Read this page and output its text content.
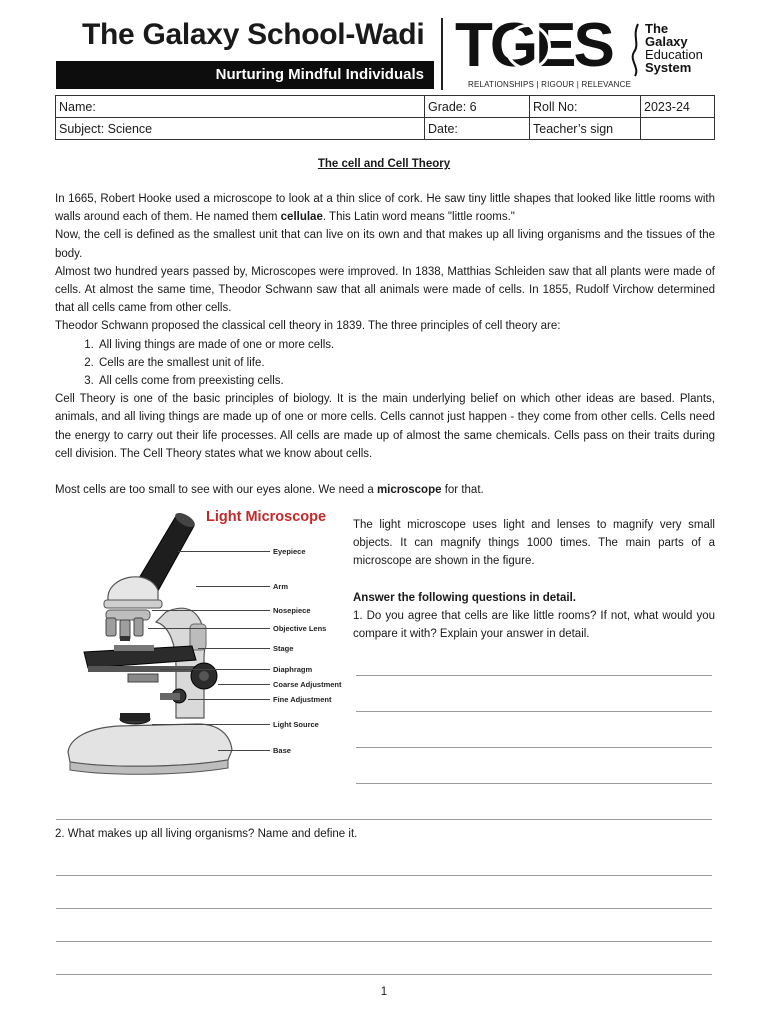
The Galaxy School-Wadi
Nurturing Mindful Individuals TGES
RELATIONSHIPS | RIGOUR | RELEVANCE
The
Galaxy
Education
System
Name:	Grade: 6	Roll No:	2023-24
Subject: Science	Date:	Teacher’s sign	
The cell and Cell Theory

In 1665, Robert Hooke used a microscope to look at a thin slice of cork. He saw tiny little shapes that looked like little rooms with walls around each of them. He named them cellulae. This Latin word means "little rooms."

Now, the cell is defined as the smallest unit that can live on its own and that makes up all living organisms and the tissues of the body.

Almost two hundred years passed by, Microscopes were improved. In 1838, Matthias Schleiden saw that all plants were made of cells. At almost the same time, Theodor Schwann saw that all animals were made of cells. In 1855, Rudolf Virchow determined that all cells came from other cells.

Theodor Schwann proposed the classical cell theory in 1839. The three principles of cell theory are:

1. All living things are made of one or more cells.
2. Cells are the smallest unit of life.
3. All cells come from preexisting cells.

Cell Theory is one of the basic principles of biology. It is the main underlying belief on which other ideas are based. Plants, animals, and all living things are made up of one or more cells. Cells cannot just happen - they come from other cells. Cells need the energy to carry out their life processes. All cells are made up of almost the same chemicals. Cells pass on their traits during cell division. The Cell Theory states what we know about cells.

Most cells are too small to see with our eyes alone. We need a microscope for that.

Light Microscope
Eyepiece
Arm
Nosepiece
Objective Lens
Stage
Diaphragm
Coarse Adjustment
Fine Adjustment
Light Source
Base

The light microscope uses light and lenses to magnify very small objects. It can magnify things 1000 times. The main parts of a microscope are shown in the figure.

Answer the following questions in detail.

1. Do you agree that cells are like little rooms? If not, what would you compare it with? Explain your answer in detail.

2. What makes up all living organisms? Name and define it.
1
